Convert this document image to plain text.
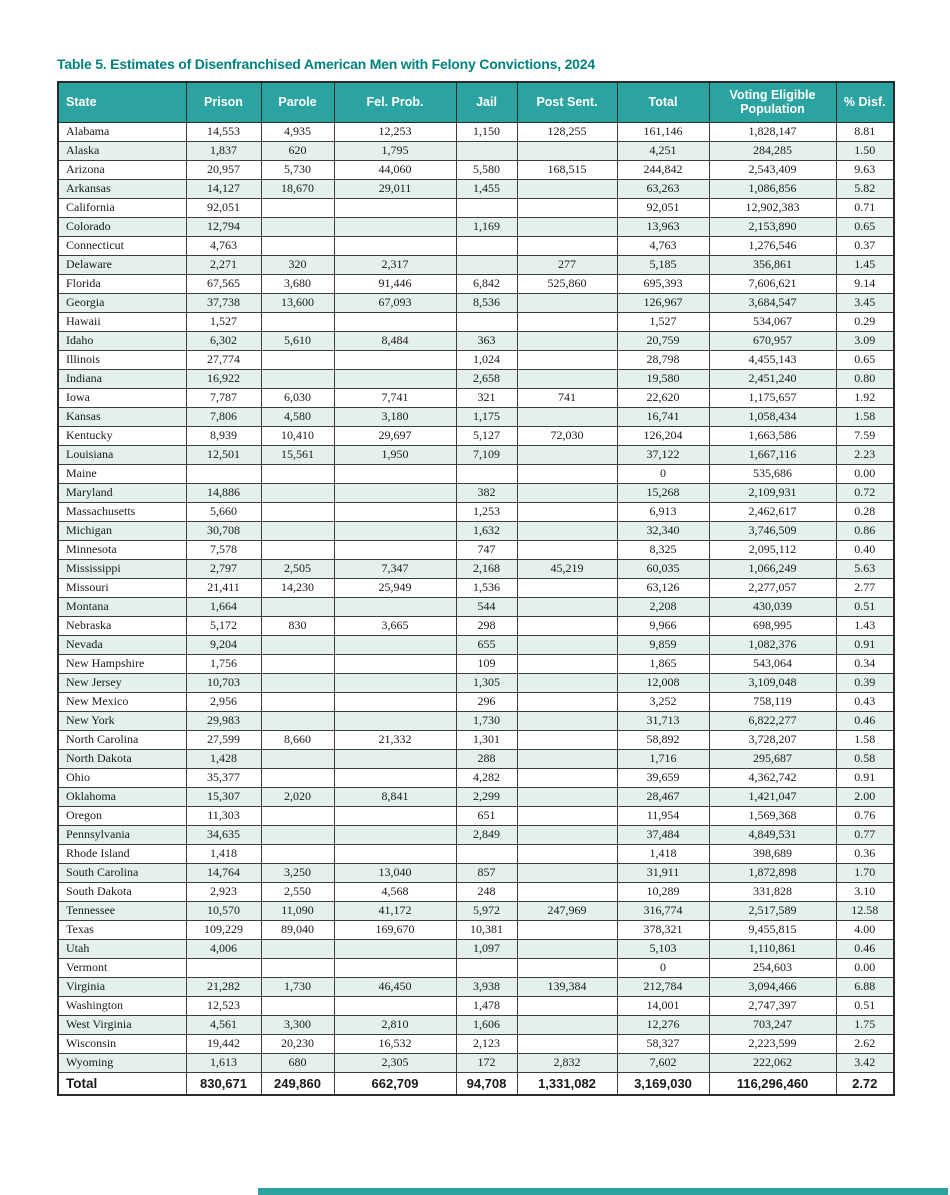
Table 5. Estimates of Disenfranchised American Men with Felony Convictions, 2024
State	Prison	Parole	Fel. Prob.	Jail	Post Sent.	Total	Voting Eligible Population	% Disf.
Alabama	14,553	4,935	12,253	1,150	128,255	161,146	1,828,147	8.81
Alaska	1,837	620	1,795			4,251	284,285	1.50
Arizona	20,957	5,730	44,060	5,580	168,515	244,842	2,543,409	9.63
Arkansas	14,127	18,670	29,011	1,455		63,263	1,086,856	5.82
California	92,051					92,051	12,902,383	0.71
Colorado	12,794			1,169		13,963	2,153,890	0.65
Connecticut	4,763					4,763	1,276,546	0.37
Delaware	2,271	320	2,317		277	5,185	356,861	1.45
Florida	67,565	3,680	91,446	6,842	525,860	695,393	7,606,621	9.14
Georgia	37,738	13,600	67,093	8,536		126,967	3,684,547	3.45
Hawaii	1,527					1,527	534,067	0.29
Idaho	6,302	5,610	8,484	363		20,759	670,957	3.09
Illinois	27,774			1,024		28,798	4,455,143	0.65
Indiana	16,922			2,658		19,580	2,451,240	0.80
Iowa	7,787	6,030	7,741	321	741	22,620	1,175,657	1.92
Kansas	7,806	4,580	3,180	1,175		16,741	1,058,434	1.58
Kentucky	8,939	10,410	29,697	5,127	72,030	126,204	1,663,586	7.59
Louisiana	12,501	15,561	1,950	7,109		37,122	1,667,116	2.23
Maine						0	535,686	0.00
Maryland	14,886			382		15,268	2,109,931	0.72
Massachusetts	5,660			1,253		6,913	2,462,617	0.28
Michigan	30,708			1,632		32,340	3,746,509	0.86
Minnesota	7,578			747		8,325	2,095,112	0.40
Mississippi	2,797	2,505	7,347	2,168	45,219	60,035	1,066,249	5.63
Missouri	21,411	14,230	25,949	1,536		63,126	2,277,057	2.77
Montana	1,664			544		2,208	430,039	0.51
Nebraska	5,172	830	3,665	298		9,966	698,995	1.43
Nevada	9,204			655		9,859	1,082,376	0.91
New Hampshire	1,756			109		1,865	543,064	0.34
New Jersey	10,703			1,305		12,008	3,109,048	0.39
New Mexico	2,956			296		3,252	758,119	0.43
New York	29,983			1,730		31,713	6,822,277	0.46
North Carolina	27,599	8,660	21,332	1,301		58,892	3,728,207	1.58
North Dakota	1,428			288		1,716	295,687	0.58
Ohio	35,377			4,282		39,659	4,362,742	0.91
Oklahoma	15,307	2,020	8,841	2,299		28,467	1,421,047	2.00
Oregon	11,303			651		11,954	1,569,368	0.76
Pennsylvania	34,635			2,849		37,484	4,849,531	0.77
Rhode Island	1,418					1,418	398,689	0.36
South Carolina	14,764	3,250	13,040	857		31,911	1,872,898	1.70
South Dakota	2,923	2,550	4,568	248		10,289	331,828	3.10
Tennessee	10,570	11,090	41,172	5,972	247,969	316,774	2,517,589	12.58
Texas	109,229	89,040	169,670	10,381		378,321	9,455,815	4.00
Utah	4,006			1,097		5,103	1,110,861	0.46
Vermont						0	254,603	0.00
Virginia	21,282	1,730	46,450	3,938	139,384	212,784	3,094,466	6.88
Washington	12,523			1,478		14,001	2,747,397	0.51
West Virginia	4,561	3,300	2,810	1,606		12,276	703,247	1.75
Wisconsin	19,442	20,230	16,532	2,123		58,327	2,223,599	2.62
Wyoming	1,613	680	2,305	172	2,832	7,602	222,062	3.42
Total	830,671	249,860	662,709	94,708	1,331,082	3,169,030	116,296,460	2.72
